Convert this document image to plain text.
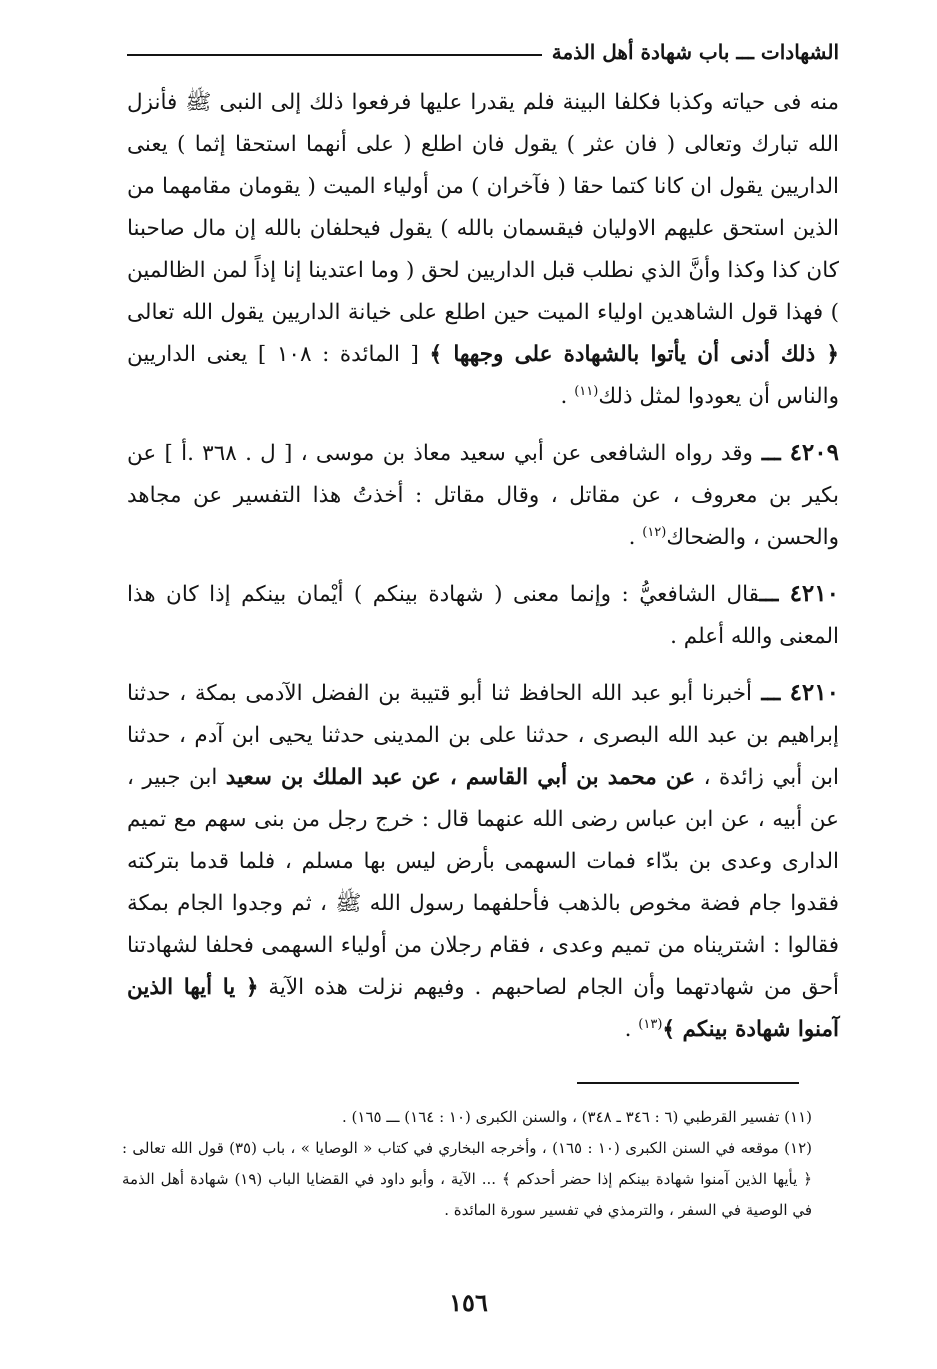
الشهادات ـــ باب شهادة أهل الذمة

منه فى حياته وكذبا فكلفا البينة فلم يقدرا عليها فرفعوا ذلك إلى النبى ﷺ فأنزل الله تبارك وتعالى ( فان عثر ) يقول فان اطلع ( على أنهما استحقا إثما ) يعنى الداريين يقول ان كانا كتما حقا ( فآخران ) من أولياء الميت ( يقومان مقامهما من الذين استحق عليهم الاوليان فيقسمان بالله ) يقول فيحلفان بالله إن مال صاحبنا كان كذا وكذا وأنَّ الذي نطلب قبل الداريين لحق ( وما اعتدينا إنا إذاً لمن الظالمين ) فهذا قول الشاهدين اولياء الميت حين اطلع على خيانة الداريين يقول الله تعالى ﴿ ذلك أدنى أن يأتوا بالشهادة على وجهها ﴾ [ المائدة : ١٠٨ ] يعنى الداريين والناس أن يعودوا لمثل ذلك$^{(١١)}$ .

٤٢٠٩ ـــ وقد رواه الشافعى عن أبي سعيد معاذ بن موسى ، [ ل . ٣٦٨ .أ ] عن بكير بن معروف ، عن مقاتل ، وقال مقاتل : أخذتُ هذا التفسير عن مجاهد والحسن ، والضحاك$^{(١٢)}$ .

٤٢١٠ ـــقال الشافعيُّ : وإنما معنى ( شهادة بينكم ) أيْمان بينكم إذا كان هذا المعنى والله أعلم .

٤٢١٠ ـــ أخبرنا أبو عبد الله الحافظ ثنا أبو قتيبة بن الفضل الآدمى بمكة ، حدثنا إبراهيم بن عبد الله البصرى ، حدثنا على بن المدينى حدثنا يحيى ابن آدم ، حدثنا ابن أبي زائدة ، عن محمد بن أبي القاسم ، عن عبد الملك بن سعيد ابن جبير ، عن أبيه ، عن ابن عباس رضى الله عنهما قال : خرج رجل من بنى سهم مع تميم الدارى وعدى بن بدّاء فمات السهمى بأرض ليس بها مسلم ، فلما قدما بتركته فقدوا جام فضة مخوص بالذهب فأحلفهما رسول الله ﷺ ، ثم وجدوا الجام بمكة فقالوا : اشتريناه من تميم وعدى ، فقام رجلان من أولياء السهمى فحلفا لشهادتنا أحق من شهادتهما وأن الجام لصاحبهم . وفيهم نزلت هذه الآية ﴿ يا أيها الذين آمنوا شهادة بينكم ﴾$^{(١٣)}$ .

(١١) تفسير القرطبي (٦ : ٣٤٦ ـ ٣٤٨) ، والسنن الكبرى (١٠ : ١٦٤) ـــ ١٦٥) .

(١٢) موقعه في السنن الكبرى (١٠ : ١٦٥) ، وأخرجه البخاري في كتاب « الوصايا » ، باب (٣٥) قول الله تعالى : ﴿ يأيها الذين آمنوا شهادة بينكم إذا حضر أحدكم ﴾ ... الآية ، وأبو داود في القضايا الباب (١٩) شهادة أهل الذمة في الوصية في السفر ، والترمذي في تفسير سورة المائدة .

١٥٦
